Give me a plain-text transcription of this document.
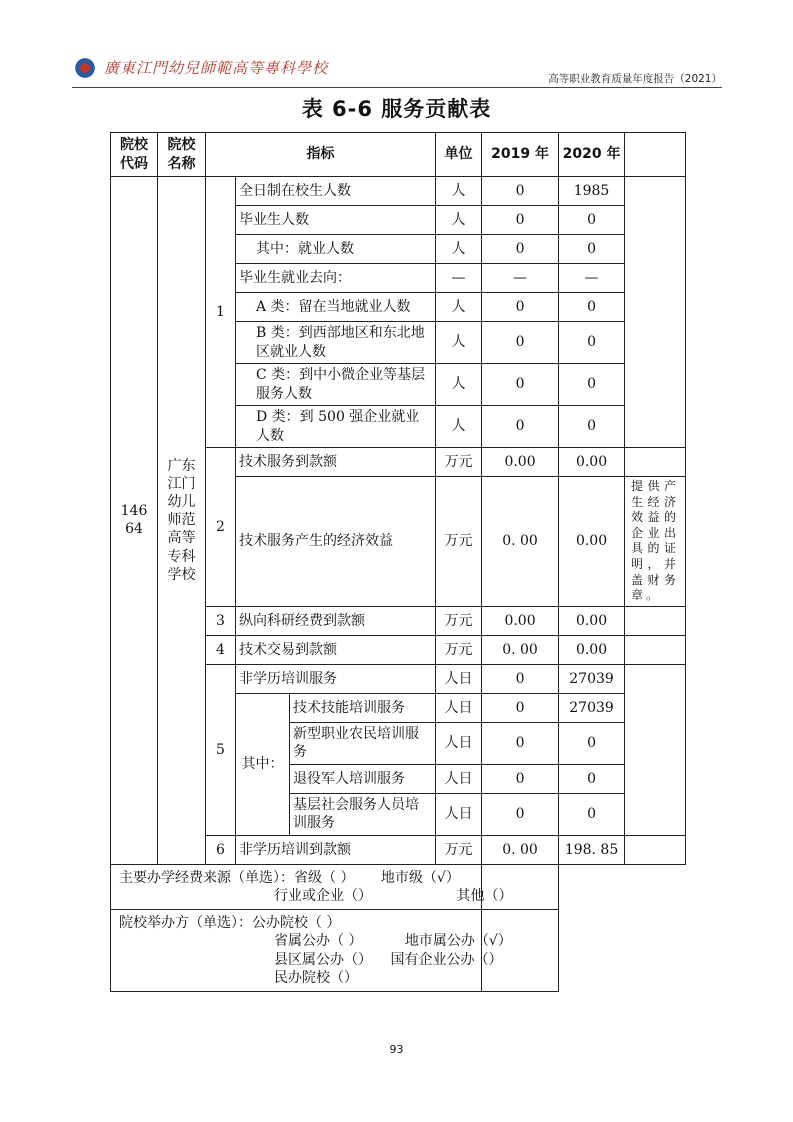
廣東江門幼兒師範高等專科學校
高等职业教育质量年度报告（2021）
表 6-6 服务贡献表
院校代码	院校名称	指标			单位	2019 年	2020 年	
14664	广东江门幼儿师范高等专科学校	1	全日制在校生人数		人	0	1985	
			毕业生人数		人	0	0	
			其中：就业人数		人	0	0	
			毕业生就业去向：		—	—	—	
			A 类：留在当地就业人数		人	0	0	
			B 类：到西部地区和东北地区就业人数		人	0	0	
			C 类：到中小微企业等基层服务人数		人	0	0	
			D 类：到 500 强企业就业人数		人	0	0	
		2	技术服务到款额		万元	0.00	0.00	
			技术服务产生的经济效益		万元	0. 00	0.00	提供产生经济效益的企业出具的证明，并盖财务章。
		3	纵向科研经费到款额		万元	0.00	0.00	
		4	技术交易到款额		万元	0. 00	0.00	
		5	非学历培训服务		人日	0	27039	
			其中：	技术技能培训服务	人日	0	27039	
				新型职业农民培训服务	人日	0	0	
				退役军人培训服务	人日	0	0	
				基层社会服务人员培训服务	人日	0	0	
		6	非学历培训到款额		万元	0. 00	198. 85	

主要办学经费来源（单选）：省级（ ） 地市级（√）
行业或企业（） 其他（）								

院校举办方（单选）：公办院校（ ）
省属公办（ ） 地市属公办（√）
县区属公办（） 国有企业公办（）
民办院校（）								

93
